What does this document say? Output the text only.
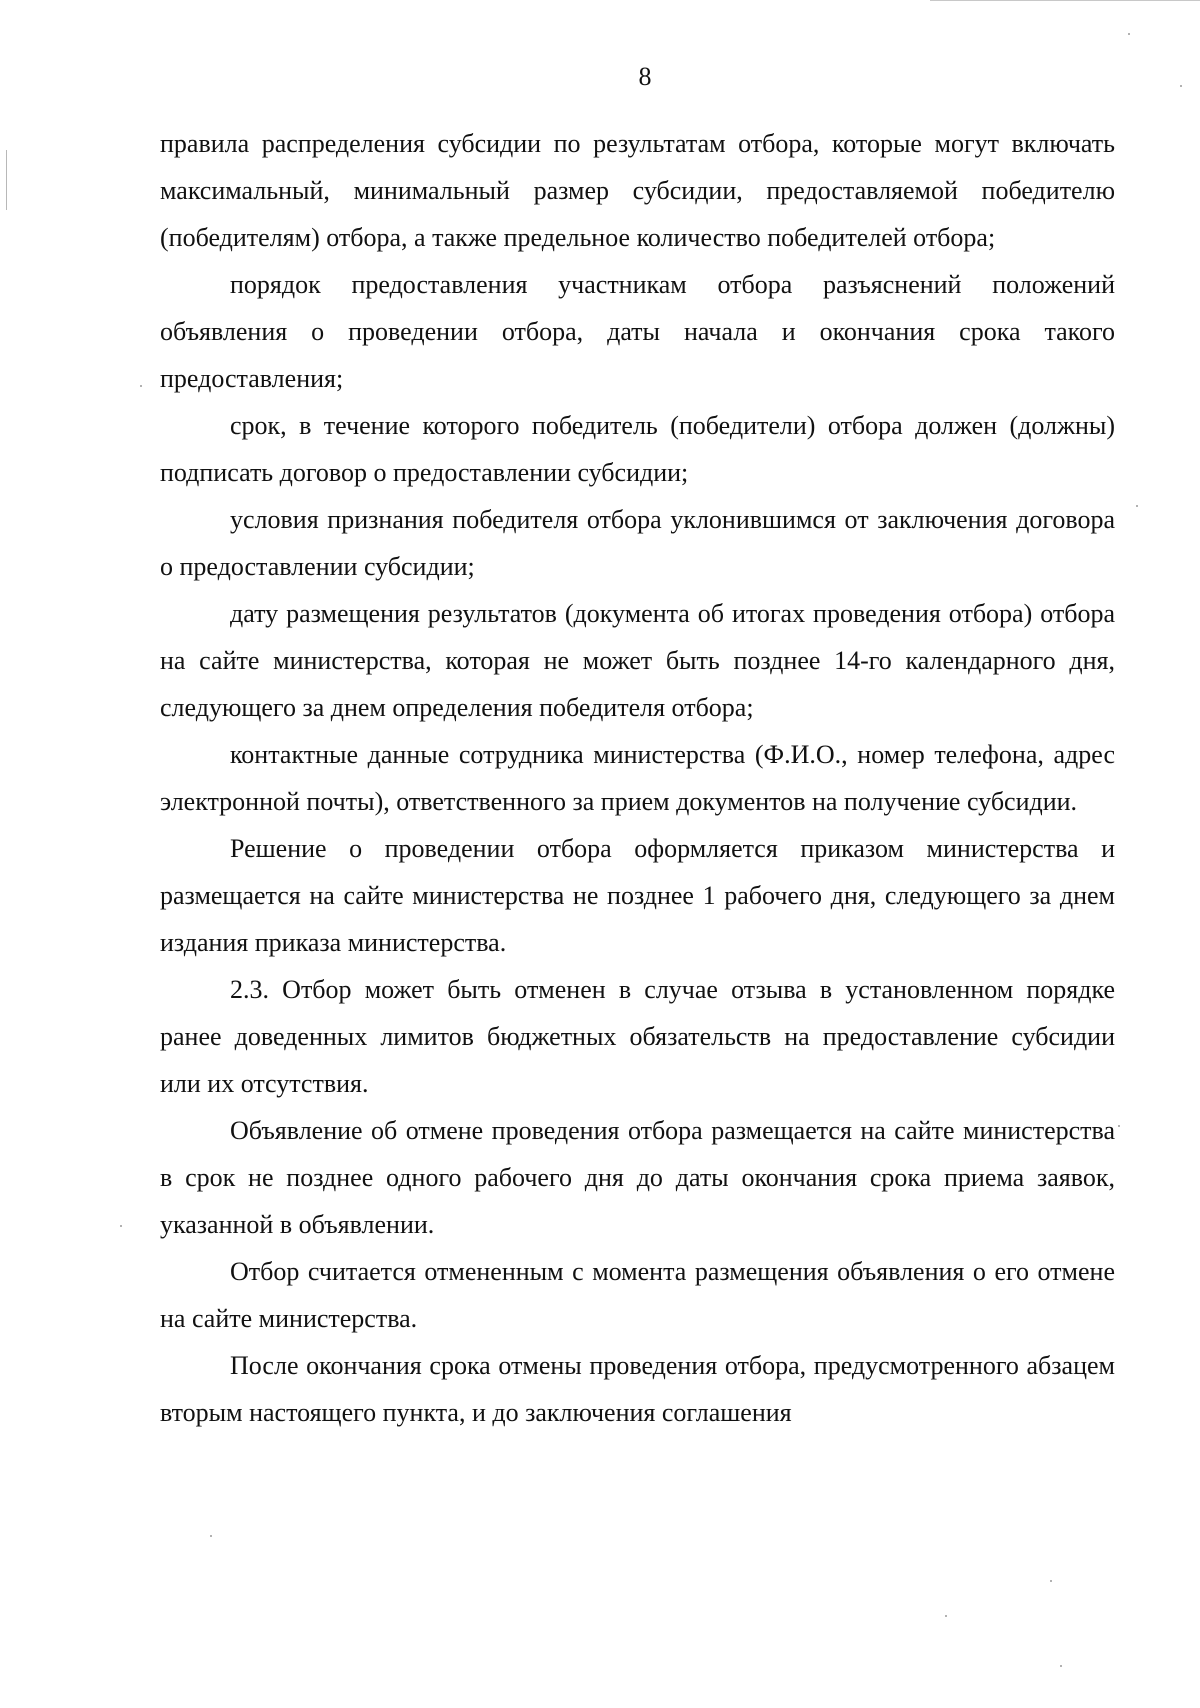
8

правила распределения субсидии по результатам отбора, которые могут включать максимальный, минимальный размер субсидии, предоставляемой победителю (победителям) отбора, а также предельное количество победителей отбора;

порядок предоставления участникам отбора разъяснений положений объявления о проведении отбора, даты начала и окончания срока такого предоставления;

срок, в течение которого победитель (победители) отбора должен (должны) подписать договор о предоставлении субсидии;

условия признания победителя отбора уклонившимся от заключения договора о предоставлении субсидии;

дату размещения результатов (документа об итогах проведения отбора) отбора на сайте министерства, которая не может быть позднее 14-го календарного дня, следующего за днем определения победителя отбора;

контактные данные сотрудника министерства (Ф.И.О., номер телефона, адрес электронной почты), ответственного за прием документов на получение субсидии.

Решение о проведении отбора оформляется приказом министерства и размещается на сайте министерства не позднее 1 рабочего дня, следующего за днем издания приказа министерства.

2.3. Отбор может быть отменен в случае отзыва в установленном порядке ранее доведенных лимитов бюджетных обязательств на предоставление субсидии или их отсутствия.

Объявление об отмене проведения отбора размещается на сайте министерства в срок не позднее одного рабочего дня до даты окончания срока приема заявок, указанной в объявлении.

Отбор считается отмененным с момента размещения объявления о его отмене на сайте министерства.

После окончания срока отмены проведения отбора, предусмотренного абзацем вторым настоящего пункта, и до заключения соглашения
